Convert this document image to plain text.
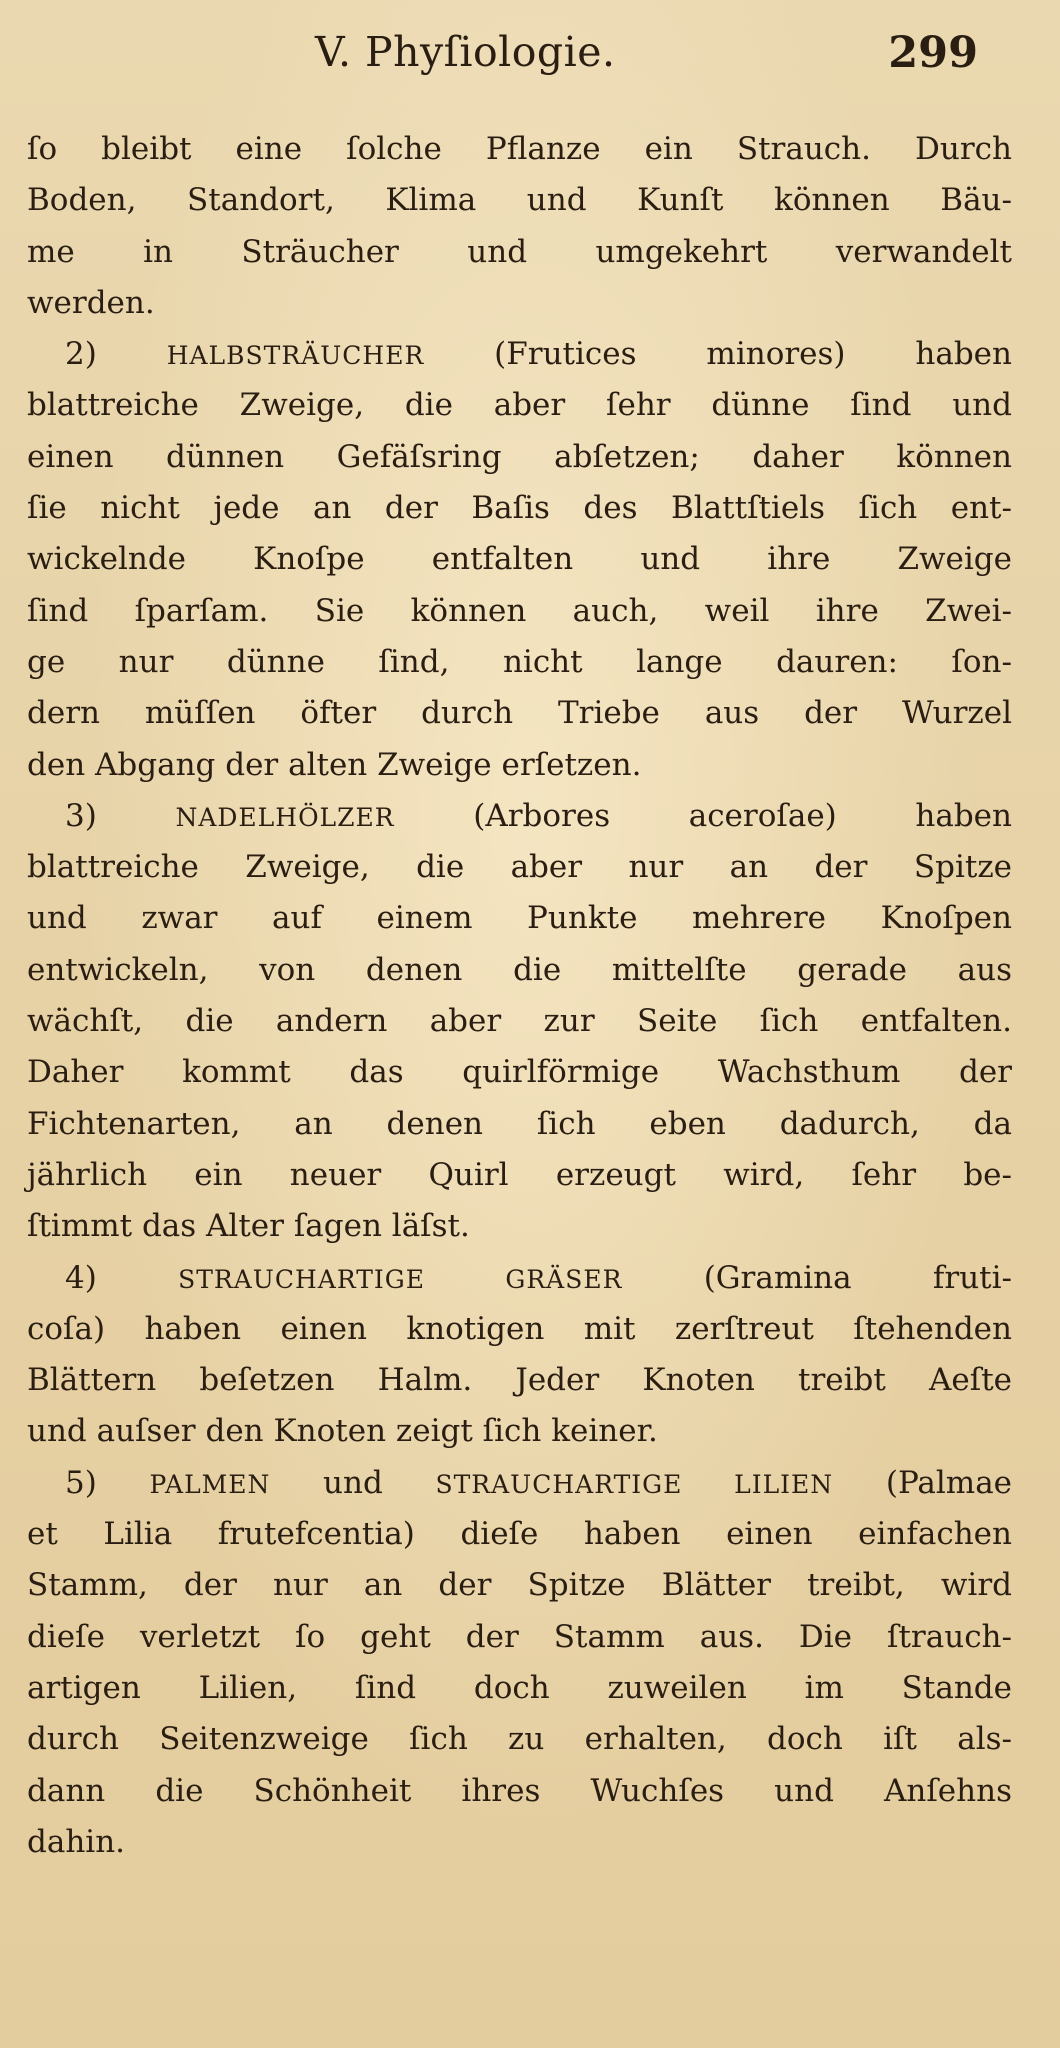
V. Phyſiologie.	299
ſo bleibt eine ſolche Pflanze ein Strauch. Durch
Boden, Standort, Klima und Kunſt können Bäu-
me in Sträucher und umgekehrt verwandelt
werden.
2)	HALBSTRÄUCHER (Frutices minores) haben
blattreiche Zweige, die aber ſehr dünne ſind und
einen dünnen Gefäſsring abſetzen; daher können
ſie nicht jede an der Baſis des Blattſtiels ſich ent-
wickelnde Knoſpe entfalten und ihre Zweige
ſind ſparſam. Sie können auch, weil ihre Zwei-
ge nur dünne ſind, nicht lange dauren: ſon-
dern müſſen öfter durch Triebe aus der Wurzel
den Abgang der alten Zweige erſetzen.
3)	NADELHÖLZER	(Arbores aceroſae) haben
blattreiche Zweige, die aber nur an der Spitze
und zwar auf einem Punkte mehrere Knoſpen
entwickeln, von denen die mittelſte gerade aus
wächſt, die andern aber zur Seite ſich entfalten.
Daher kommt das quirlförmige Wachsthum der
Fichtenarten, an denen ſich eben dadurch, da
jährlich ein neuer Quirl erzeugt wird, ſehr be-
ſtimmt das Alter ſagen läſst.
4)	STRAUCHARTIGE GRÄSER	(Gramina fruti-
coſa) haben einen knotigen mit zerſtreut ſtehenden
Blättern beſetzen Halm. Jeder Knoten treibt Aeſte
und auſser den Knoten zeigt ſich keiner.
5) PALMEN und STRAUCHARTIGE LILIEN (Palmae
et Lilia frutefcentia) dieſe haben einen einfachen
Stamm, der nur an der Spitze Blätter treibt, wird
dieſe verletzt ſo geht der Stamm aus. Die ſtrauch-
artigen Lilien, ſind doch zuweilen im Stande
durch Seitenzweige ſich zu erhalten, doch iſt als-
dann die Schönheit ihres Wuchſes und Anſehns
dahin.
